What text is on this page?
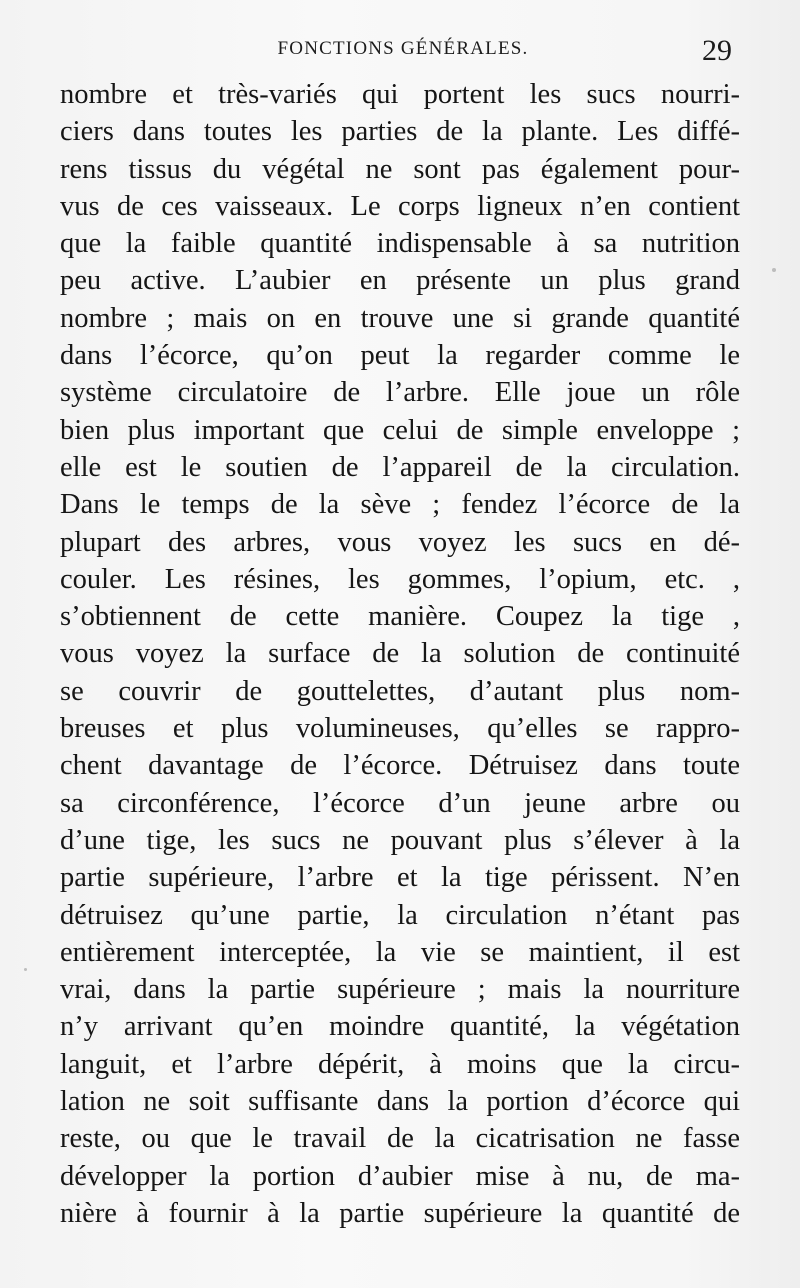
FONCTIONS GÉNÉRALES.	29
nombre et très-variés qui portent les sucs nourri-
ciers dans toutes les parties de la plante. Les diffé-
rens tissus du végétal ne sont pas également pour-
vus de ces vaisseaux. Le corps ligneux n’en contient
que la faible quantité indispensable à sa nutrition
peu active. L’aubier en présente un plus grand
nombre ; mais on en trouve une si grande quantité
dans l’écorce, qu’on peut la regarder comme le
système circulatoire de l’arbre. Elle joue un rôle
bien plus important que celui de simple enveloppe ;
elle est le soutien de l’appareil de la circulation.
Dans le temps de la sève ; fendez l’écorce de la
plupart des arbres, vous voyez les sucs en dé-
couler. Les résines, les gommes, l’opium, etc. ,
s’obtiennent de cette manière. Coupez la tige ,
vous voyez la surface de la solution de continuité
se couvrir de gouttelettes, d’autant plus nom-
breuses et plus volumineuses, qu’elles se rappro-
chent davantage de l’écorce. Détruisez dans toute
sa circonférence, l’écorce d’un jeune arbre ou
d’une tige, les sucs ne pouvant plus s’élever à la
partie supérieure, l’arbre et la tige périssent. N’en
détruisez qu’une partie, la circulation n’étant pas
entièrement interceptée, la vie se maintient, il est
vrai, dans la partie supérieure ; mais la nourriture
n’y arrivant qu’en moindre quantité, la végétation
languit, et l’arbre dépérit, à moins que la circu-
lation ne soit suffisante dans la portion d’écorce qui
reste, ou que le travail de la cicatrisation ne fasse
développer la portion d’aubier mise à nu, de ma-
nière à fournir à la partie supérieure la quantité de
